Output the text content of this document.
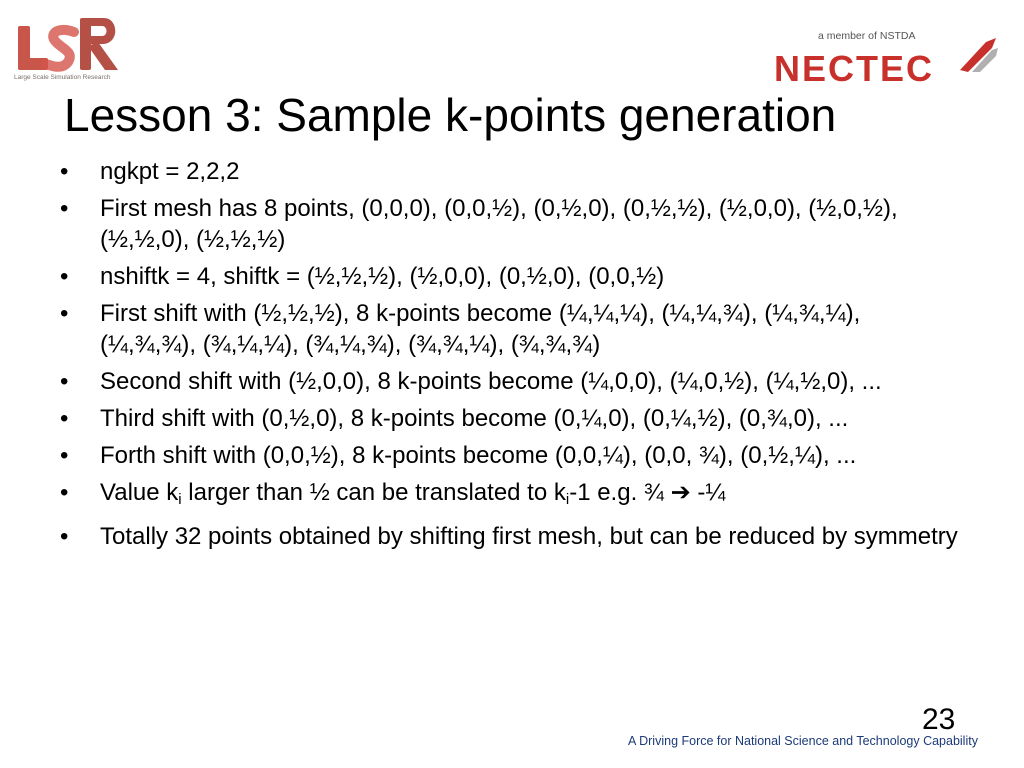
Large Scale Simulation Research
a member of NSTDA
NECTEC
Lesson 3: Sample k-points generation
• ngkpt = 2,2,2
• First mesh has 8 points, (0,0,0), (0,0,½), (0,½,0), (0,½,½), (½,0,0), (½,0,½), (½,½,0), (½,½,½)
• nshiftk = 4, shiftk = (½,½,½), (½,0,0), (0,½,0), (0,0,½)
• First shift with (½,½,½), 8 k-points become (¼,¼,¼), (¼,¼,¾), (¼,¾,¼), (¼,¾,¾), (¾,¼,¼), (¾,¼,¾), (¾,¾,¼), (¾,¾,¾)
• Second shift with (½,0,0), 8 k-points become (¼,0,0), (¼,0,½), (¼,½,0), ...
• Third shift with (0,½,0), 8 k-points become (0,¼,0), (0,¼,½), (0,¾,0), ...
• Forth shift with (0,0,½), 8 k-points become (0,0,¼), (0,0, ¾), (0,½,¼), ...
• Value $k_i$ larger than ½ can be translated to $k_i-1$ e.g. ¾ ➔ -¼
• Totally 32 points obtained by shifting first mesh, but can be reduced by symmetry
23
A Driving Force for National Science and Technology Capability
